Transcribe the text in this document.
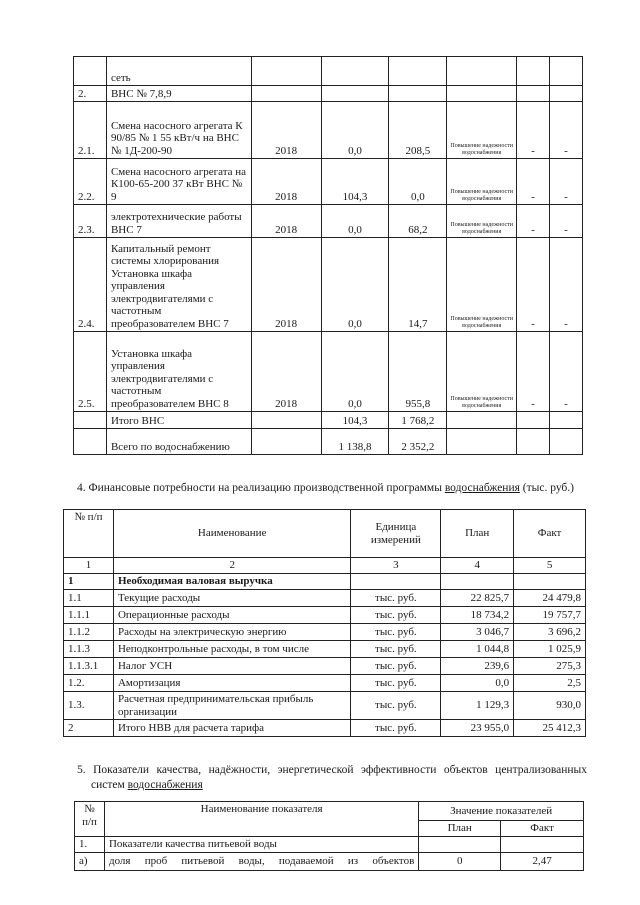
	сеть						
2.	ВНС № 7,8,9						
2.1.	Смена насосного агрегата К 90/85 № 1 55 кВт/ч на ВНС № 1Д-200-90	2018	0,0	208,5	Повышение надежности водоснабжения	-	-
2.2.	Смена насосного агрегата на К100-65-200 37 кВт ВНС № 9	2018	104,3	0,0	Повышение надежности водоснабжения	-	-
2.3.	электротехнические работы ВНС 7	2018	0,0	68,2	Повышение надежности водоснабжения	-	-
2.4.	Капитальный ремонт системы хлорирования Установка шкафа управления электродвигателями с частотным преобразователем ВНС 7	2018	0,0	14,7	Повышение надежности водоснабжения	-	-
2.5.	Установка шкафа управления электродвигателями с частотным преобразователем ВНС 8	2018	0,0	955,8	Повышение надежности водоснабжения	-	-
	Итого ВНС		104,3	1 768,2			
	Всего по водоснабжению		1 138,8	2 352,2			
4. Финансовые потребности на реализацию производственной программы водоснабжения (тыс. руб.)
№ п/п	Наименование	Единица измерений	План	Факт
1	2	3	4	5
1	Необходимая валовая выручка			
1.1	Текущие расходы	тыс. руб.	22 825,7	24 479,8
1.1.1	Операционные расходы	тыс. руб.	18 734,2	19 757,7
1.1.2	Расходы на электрическую энергию	тыс. руб.	3 046,7	3 696,2
1.1.3	Неподконтрольные расходы, в том числе	тыс. руб.	1 044,8	1 025,9
1.1.3.1	Налог УСН	тыс. руб.	239,6	275,3
1.2.	Амортизация	тыс. руб.	0,0	2,5
1.3.	Расчетная предпринимательская прибыль организации	тыс. руб.	1 129,3	930,0
2	Итого НВВ для расчета тарифа	тыс. руб.	23 955,0	25 412,3
5. Показатели качества, надёжности, энергетической эффективности объектов централизованных
систем водоснабжения
№ п/п	Наименование показателя	Значение показателей	
		План	Факт
1.	Показатели качества питьевой воды		
а)	доля проб питьевой воды, подаваемой из объектов	0	2,47
